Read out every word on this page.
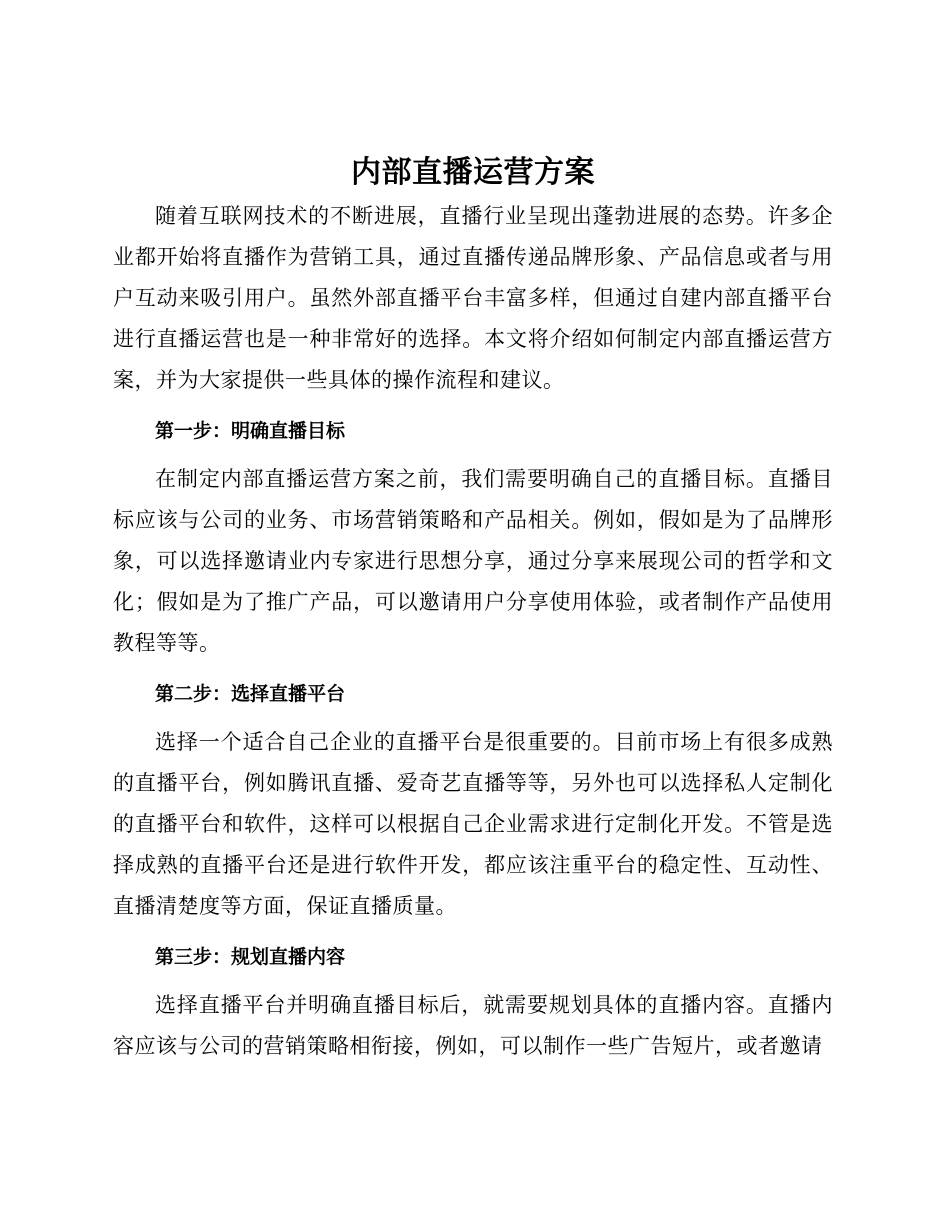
内部直播运营方案

随着互联网技术的不断进展，直播行业呈现出蓬勃进展的态势。许多企业都开始将直播作为营销工具，通过直播传递品牌形象、产品信息或者与用户互动来吸引用户。虽然外部直播平台丰富多样，但通过自建内部直播平台进行直播运营也是一种非常好的选择。本文将介绍如何制定内部直播运营方案，并为大家提供一些具体的操作流程和建议。

第一步：明确直播目标

在制定内部直播运营方案之前，我们需要明确自己的直播目标。直播目标应该与公司的业务、市场营销策略和产品相关。例如，假如是为了品牌形象，可以选择邀请业内专家进行思想分享，通过分享来展现公司的哲学和文化；假如是为了推广产品，可以邀请用户分享使用体验，或者制作产品使用教程等等。

第二步：选择直播平台

选择一个适合自己企业的直播平台是很重要的。目前市场上有很多成熟的直播平台，例如腾讯直播、爱奇艺直播等等，另外也可以选择私人定制化的直播平台和软件，这样可以根据自己企业需求进行定制化开发。不管是选择成熟的直播平台还是进行软件开发，都应该注重平台的稳定性、互动性、直播清楚度等方面，保证直播质量。

第三步：规划直播内容

选择直播平台并明确直播目标后，就需要规划具体的直播内容。直播内容应该与公司的营销策略相衔接，例如，可以制作一些广告短片，或者邀请
